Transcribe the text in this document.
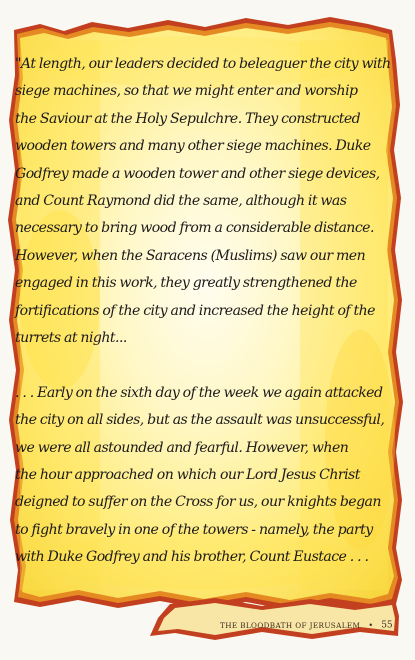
"At length, our leaders decided to beleaguer the city with
siege machines, so that we might enter and worship
the Saviour at the Holy Sepulchre. They constructed
wooden towers and many other siege machines. Duke
Godfrey made a wooden tower and other siege devices,
and Count Raymond did the same, although it was
necessary to bring wood from a considerable distance.
However, when the Saracens (Muslims) saw our men
engaged in this work, they greatly strengthened the
fortifications of the city and increased the height of the
turrets at night...
. . . Early on the sixth day of the week we again attacked
the city on all sides, but as the assault was unsuccessful,
we were all astounded and fearful. However, when
the hour approached on which our Lord Jesus Christ
deigned to suffer on the Cross for us, our knights began
to fight bravely in one of the towers - namely, the party
with Duke Godfrey and his brother, Count Eustace . . .
THE BLOODBATH OF JERUSALEM • 55
